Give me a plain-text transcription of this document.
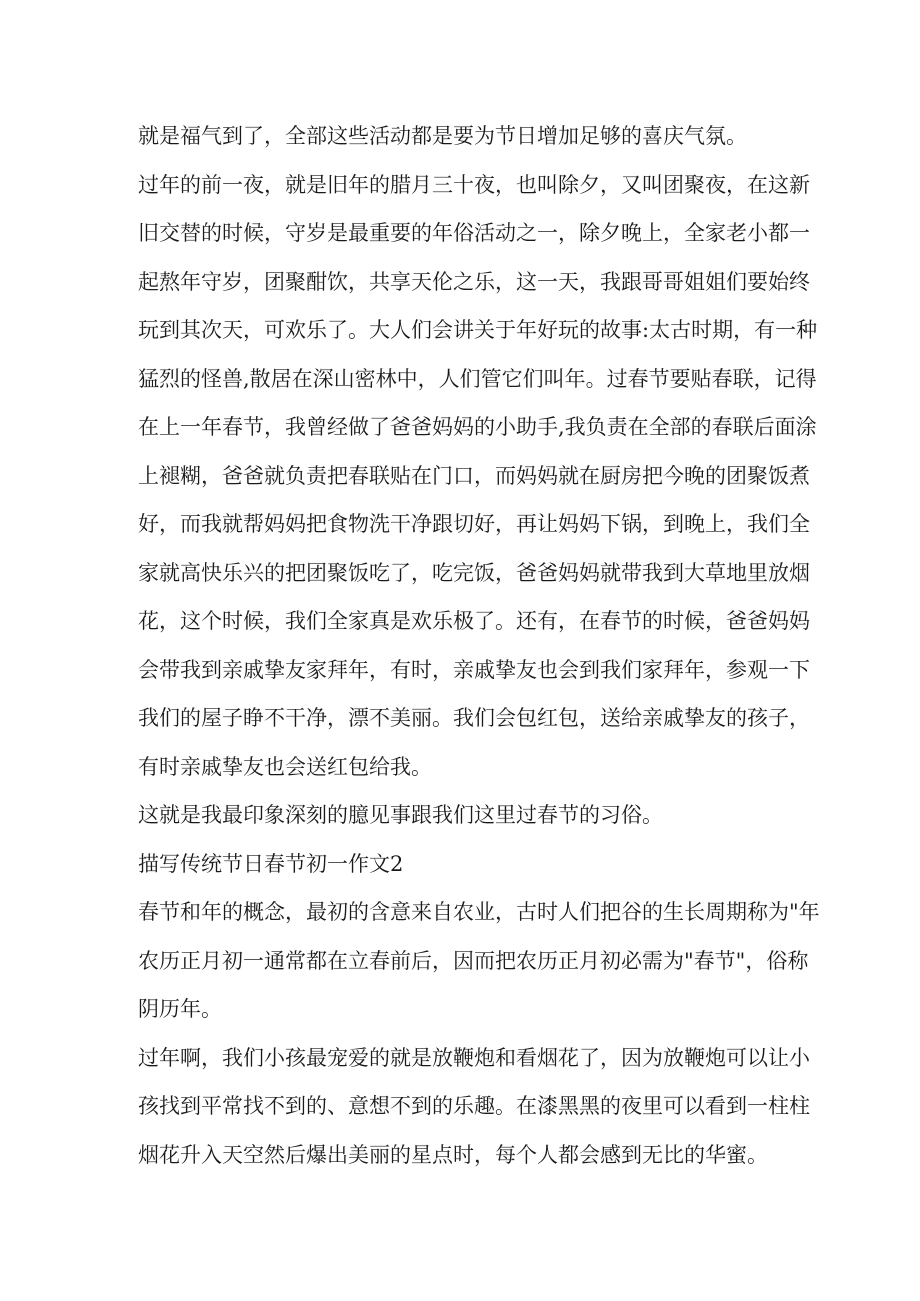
就是福气到了，全部这些活动都是要为节日增加足够的喜庆气氛。

过年的前一夜，就是旧年的腊月三十夜，也叫除夕，又叫团聚夜，在这新
旧交替的时候，守岁是最重要的年俗活动之一，除夕晚上，全家老小都一
起熬年守岁，团聚酣饮，共享天伦之乐，这一天，我跟哥哥姐姐们要始终
玩到其次天，可欢乐了。大人们会讲关于年好玩的故事:太古时期，有一种
猛烈的怪兽,散居在深山密林中，人们管它们叫年。过春节要贴春联，记得
在上一年春节，我曾经做了爸爸妈妈的小助手,我负责在全部的春联后面涂
上褪糊，爸爸就负责把春联贴在门口，而妈妈就在厨房把今晚的团聚饭煮
好，而我就帮妈妈把食物洗干净跟切好，再让妈妈下锅，到晚上，我们全
家就高快乐兴的把团聚饭吃了，吃完饭，爸爸妈妈就带我到大草地里放烟
花，这个时候，我们全家真是欢乐极了。还有，在春节的时候，爸爸妈妈
会带我到亲戚挚友家拜年，有时，亲戚挚友也会到我们家拜年，参观一下
我们的屋子睁不干净，漂不美丽。我们会包红包，送给亲戚挚友的孩子，
有时亲戚挚友也会送红包给我。

这就是我最印象深刻的臆见事跟我们这里过春节的习俗。

描写传统节日春节初一作文2

春节和年的概念，最初的含意来自农业，古时人们把谷的生长周期称为"年
农历正月初一通常都在立春前后，因而把农历正月初必需为"春节"，俗称
阴历年。

过年啊，我们小孩最宠爱的就是放鞭炮和看烟花了，因为放鞭炮可以让小
孩找到平常找不到的、意想不到的乐趣。在漆黑黑的夜里可以看到一柱柱
烟花升入天空然后爆出美丽的星点时，每个人都会感到无比的华蜜。
